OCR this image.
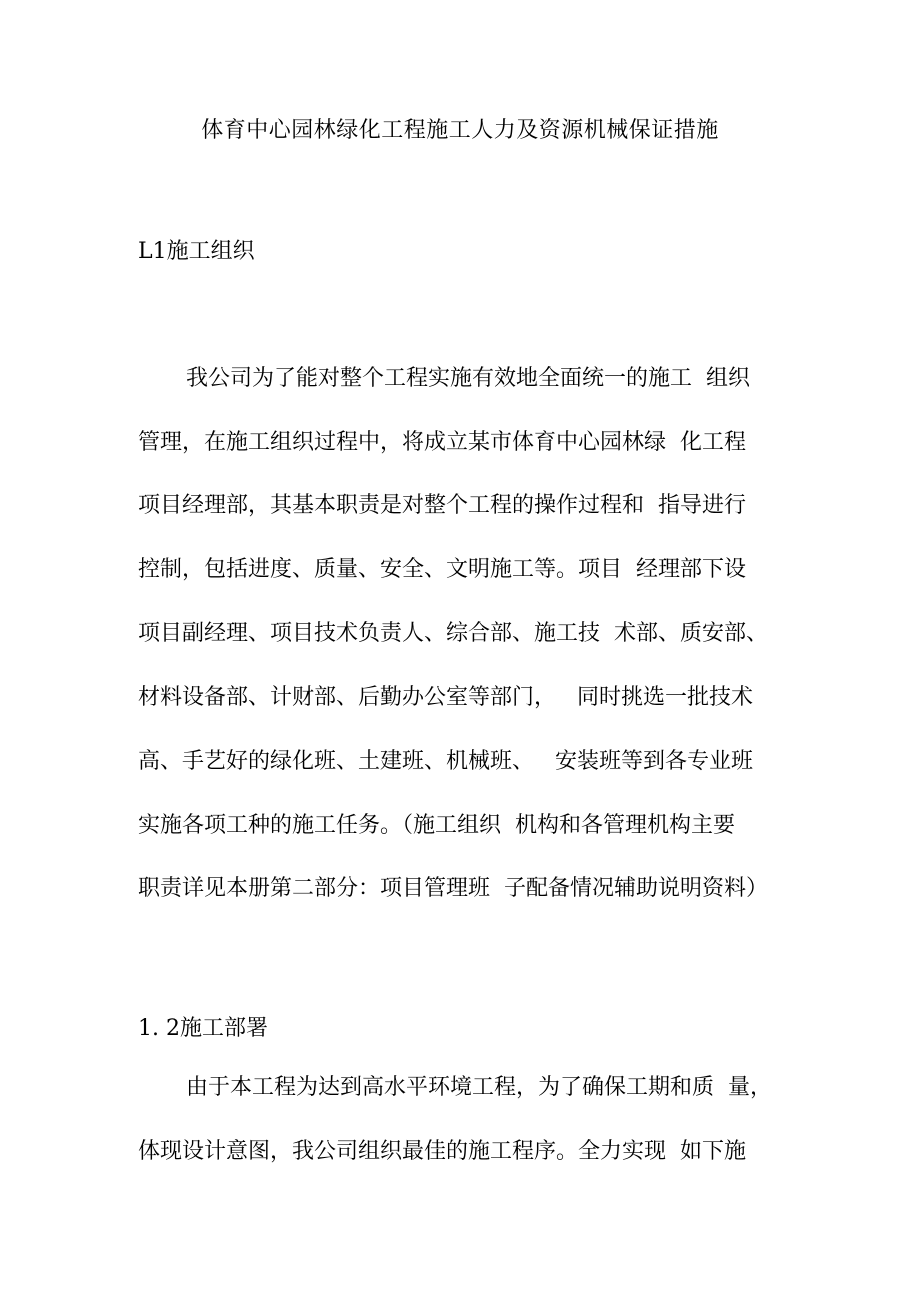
体育中心园林绿化工程施工人力及资源机械保证措施
L1施工组织
我公司为了能对整个工程实施有效地全面统一的施工  组织
管理，在施工组织过程中，将成立某市体育中心园林绿  化工程
项目经理部，其基本职责是对整个工程的操作过程和  指导进行
控制，包括进度、质量、安全、文明施工等。项目  经理部下设
项目副经理、项目技术负责人、综合部、施工技  术部、质安部、
材料设备部、计财部、后勤办公室等部门，   同时挑选一批技术
高、手艺好的绿化班、土建班、机械班、   安装班等到各专业班
实施各项工种的施工任务。（施工组织  机构和各管理机构主要
职责详见本册第二部分：项目管理班  子配备情况辅助说明资料）
1. 2施工部署
由于本工程为达到高水平环境工程，为了确保工期和质  量，
体现设计意图，我公司组织最佳的施工程序。全力实现  如下施
